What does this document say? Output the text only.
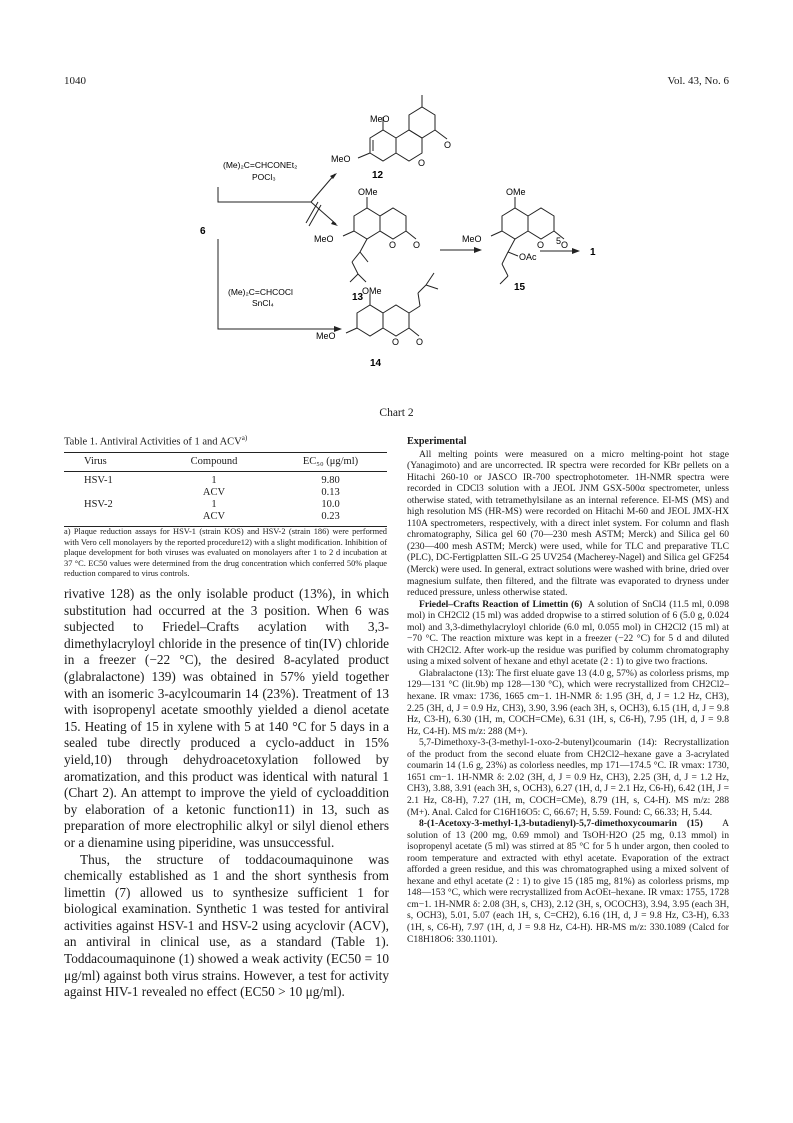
1040	Vol. 43, No. 6
MeO
MeO	O
O
12
OMe
MeO
O O
13
OMe
MeO
O O
OAc
15
OMe
MeO
O O
14
(Me)₂C=CHCONEt₂
POCl₃
(Me)₂C=CHCOCl
SnCl₄
6
5
1
Chart 2
Table 1. Antiviral Activities of 1 and ACV$^{a)}$
Virus	Compound	EC₅₀ (μg/ml)
HSV-1	1	9.80
	ACV	0.13
HSV-2	1	10.0
	ACV	0.23
a) Plaque reduction assays for HSV-1 (strain KOS) and HSV-2 (strain 186) were performed with Vero cell monolayers by the reported procedure12) with a slight modification. Inhibition of plaque development for both viruses was evaluated on monolayers after 1 to 2 d incubation at 37 °C. EC50 values were determined from the drug concentration which conferred 50% plaque reduction compared to virus controls.

rivative 128) as the only isolable product (13%), in which substitution had occurred at the 3 position. When 6 was subjected to Friedel–Crafts acylation with 3,3-dimethylacryloyl chloride in the presence of tin(IV) chloride in a freezer (−22 °C), the desired 8-acylated product (glabralactone) 139) was obtained in 57% yield together with an isomeric 3-acylcoumarin 14 (23%). Treatment of 13 with isopropenyl acetate smoothly yielded a dienol acetate 15. Heating of 15 in xylene with 5 at 140 °C for 5 days in a sealed tube directly produced a cyclo-adduct in 15% yield,10) through dehydroacetoxylation followed by aromatization, and this product was identical with natural 1 (Chart 2). An attempt to improve the yield of cycloaddition by elaboration of a ketonic function11) in 13, such as preparation of more electrophilic alkyl or silyl dienol ethers or a dienamine using piperidine, was unsuccessful.

Thus, the structure of toddacoumaquinone was chemically established as 1 and the short synthesis from limettin (7) allowed us to synthesize sufficient 1 for biological examination. Synthetic 1 was tested for antiviral activities against HSV-1 and HSV-2 using acyclovir (ACV), an antiviral in clinical use, as a standard (Table 1). Toddacoumaquinone (1) showed a weak activity (EC50 = 10 μg/ml) against both virus strains. However, a test for activity against HIV-1 revealed no effect (EC50 > 10 μg/ml).

Experimental

All melting points were measured on a micro melting-point hot stage (Yanagimoto) and are uncorrected. IR spectra were recorded for KBr pellets on a Hitachi 260-10 or JASCO IR-700 spectrophotometer. 1H-NMR spectra were recorded in CDCl3 solution with a JEOL JNM GSX-500α spectrometer, unless otherwise stated, with tetramethylsilane as an internal reference. EI-MS (MS) and high resolution MS (HR-MS) were recorded on Hitachi M-60 and JEOL JMX-HX 110A spectrometers, respectively, with a direct inlet system. For column and flash chromatography, Silica gel 60 (70—230 mesh ASTM; Merck) and Silica gel 60 (230—400 mesh ASTM; Merck) were used, while for TLC and preparative TLC (PLC), DC-Fertigplatten SIL-G 25 UV254 (Macherey-Nagel) and Silica gel GF254 (Merck) were used. In general, extract solutions were washed with brine, dried over magnesium sulfate, then filtered, and the filtrate was evaporated to dryness under reduced pressure, unless otherwise stated.

Friedel–Crafts Reaction of Limettin (6) A solution of SnCl4 (11.5 ml, 0.098 mol) in CH2Cl2 (15 ml) was added dropwise to a stirred solution of 6 (5.0 g, 0.024 mol) and 3,3-dimethylacryloyl chloride (6.0 ml, 0.055 mol) in CH2Cl2 (15 ml) at −70 °C. The reaction mixture was kept in a freezer (−22 °C) for 5 d and diluted with CH2Cl2. After work-up the residue was purified by columm chromatography using a mixed solvent of hexane and ethyl acetate (2 : 1) to give two fractions.

Glabralactone (13): The first eluate gave 13 (4.0 g, 57%) as colorless prisms, mp 129—131 °C (lit.9b) mp 128—130 °C), which were recrystallized from CH2Cl2–hexane. IR νmax: 1736, 1665 cm−1. 1H-NMR δ: 1.95 (3H, d, J = 1.2 Hz, CH3), 2.25 (3H, d, J = 0.9 Hz, CH3), 3.90, 3.96 (each 3H, s, OCH3), 6.15 (1H, d, J = 9.8 Hz, C3-H), 6.30 (1H, m, COCH=CMe), 6.31 (1H, s, C6-H), 7.95 (1H, d, J = 9.8 Hz, C4-H). MS m/z: 288 (M+).

5,7-Dimethoxy-3-(3-methyl-1-oxo-2-butenyl)coumarin (14): Recrystallization of the product from the second eluate from CH2Cl2–hexane gave a 3-acrylated coumarin 14 (1.6 g, 23%) as colorless needles, mp 171—174.5 °C. IR νmax: 1730, 1651 cm−1. 1H-NMR δ: 2.02 (3H, d, J = 0.9 Hz, CH3), 2.25 (3H, d, J = 1.2 Hz, CH3), 3.88, 3.91 (each 3H, s, OCH3), 6.27 (1H, d, J = 2.1 Hz, C6-H), 6.42 (1H, J = 2.1 Hz, C8-H), 7.27 (1H, m, COCH=CMe), 8.79 (1H, s, C4-H). MS m/z: 288 (M+). Anal. Calcd for C16H16O5: C, 66.67; H, 5.59. Found: C, 66.33; H, 5.44.

8-(1-Acetoxy-3-methyl-1,3-butadienyl)-5,7-dimethoxycoumarin (15) A solution of 13 (200 mg, 0.69 mmol) and TsOH·H2O (25 mg, 0.13 mmol) in isopropenyl acetate (5 ml) was stirred at 85 °C for 5 h under argon, then cooled to room temperature and extracted with ethyl acetate. Evaporation of the extract afforded a green residue, and this was chromatographed using a mixed solvent of hexane and ethyl acetate (2 : 1) to give 15 (185 mg, 81%) as colorless prisms, mp 148—153 °C, which were recrystallized from AcOEt–hexane. IR νmax: 1755, 1728 cm−1. 1H-NMR δ: 2.08 (3H, s, CH3), 2.12 (3H, s, OCOCH3), 3.94, 3.95 (each 3H, s, OCH3), 5.01, 5.07 (each 1H, s, C=CH2), 6.16 (1H, d, J = 9.8 Hz, C3-H), 6.33 (1H, s, C6-H), 7.97 (1H, d, J = 9.8 Hz, C4-H). HR-MS m/z: 330.1089 (Calcd for C18H18O6: 330.1101).
